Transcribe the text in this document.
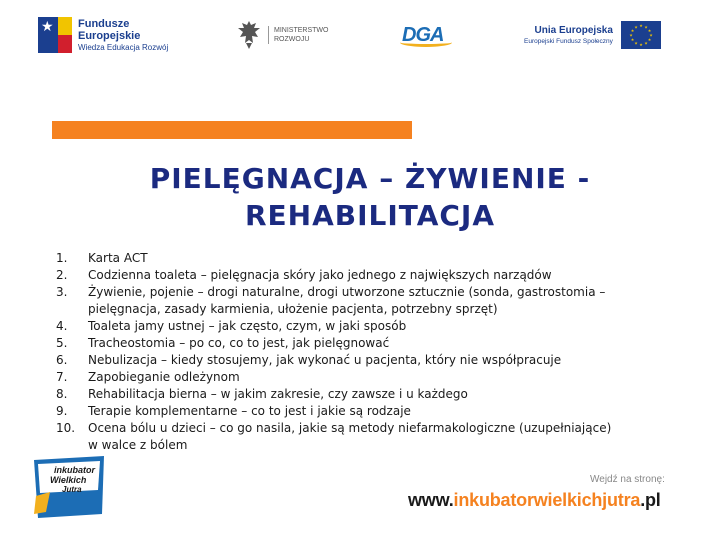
★ Fundusze
Europejskie
Wiedza Edukacja Rozwój
MINISTERSTWO
ROZWOJU	DGA	Unia Europejska
Europejski Fundusz Społeczny
★ ★
★
★
★
★
★
★
★
★
★
★
PIELĘGNACJA – ŻYWIENIE -
REHABILITACJA
1.	Karta ACT
2.	Codzienna toaleta – pielęgnacja skóry jako jednego z największych narządów
3.	Żywienie, pojenie – drogi naturalne, drogi utworzone sztucznie (sonda, gastrostomia – pielęgnacja, zasady karmienia, ułożenie pacjenta, potrzebny sprzęt)
4.	Toaleta jamy ustnej – jak często, czym, w jaki sposób
5.	Tracheostomia – po co, co to jest, jak pielęgnować
6.	Nebulizacja – kiedy stosujemy, jak wykonać u pacjenta, który nie współpracuje
7.	Zapobieganie odleżynom
8.	Rehabilitacja bierna – w jakim zakresie, czy zawsze i u każdego
9.	Terapie komplementarne – co to jest i jakie są rodzaje
10.	Ocena bólu u dzieci – co go nasila, jakie są metody niefarmakologiczne (uzupełniające) w walce z bólem
inkubator
Wielkich
Jutra
Wejdź na stronę:
www.inkubatorwielkichjutra.pl
